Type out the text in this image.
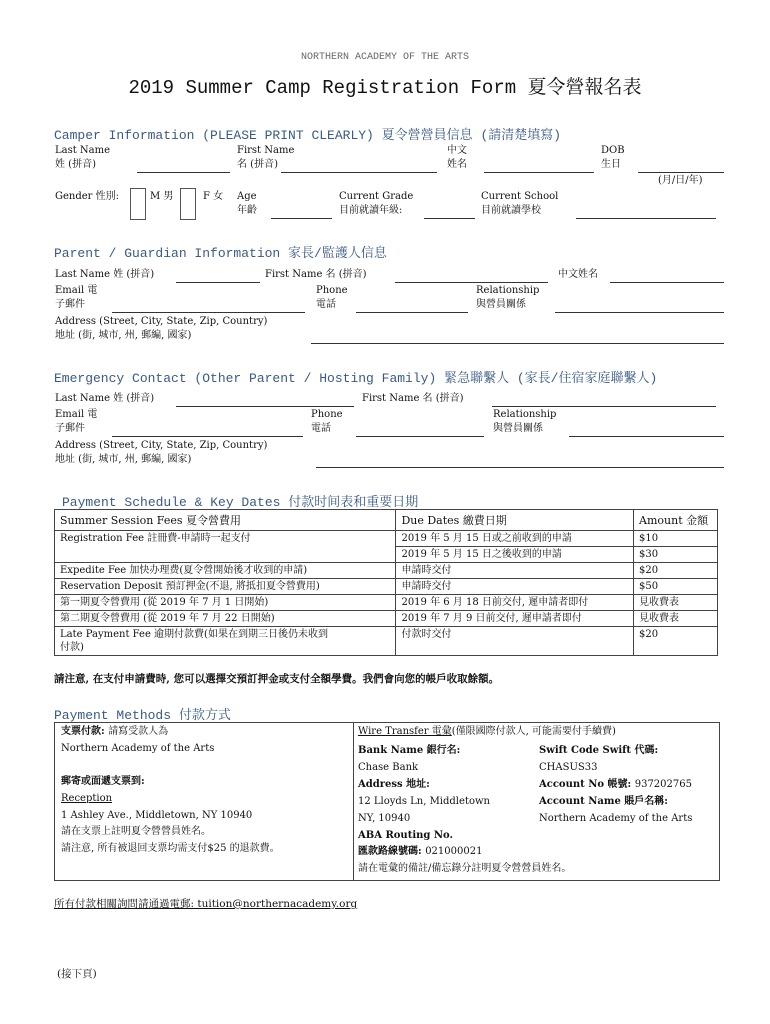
NORTHERN ACADEMY OF THE ARTS
2019 Summer Camp Registration Form 夏令營報名表
Camper Information (PLEASE PRINT CLEARLY) 夏令營營員信息 (請清楚填寫)
Last Name
姓 (拼音)
First Name
名 (拼音)
中文
姓名
DOB
生日
(月/日/年)
Gender 性別:	M 男	F 女 Age
年齡
Current Grade
目前就讀年級:
Current School
目前就讀學校
Parent / Guardian Information 家長/監護人信息
Last Name 姓 (拼音)	First Name 名 (拼音)	中文姓名
Email 電
子郵件
Phone
電話
Relationship
與營員關係
Address (Street, City, State, Zip, Country)
地址 (街, 城市, 州, 郵編, 國家)
Emergency Contact (Other Parent / Hosting Family) 緊急聯繫人 (家長/住宿家庭聯繫人)
Last Name 姓 (拼音)	First Name 名 (拼音)
Email 電
子郵件
Phone
電話
Relationship
與營員關係
Address (Street, City, State, Zip, Country)
地址 (街, 城市, 州, 郵編, 國家)
Payment Schedule & Key Dates 付款时间表和重要日期
Summer Session Fees 夏令營費用	Due Dates 繳費日期	Amount 金額
Registration Fee 註冊費-申請時一起支付	2019 年 5 月 15 日或之前收到的申請	$10
	2019 年 5 月 15 日之後收到的申請	$30
Expedite Fee 加快办理费(夏令營開始後才收到的申請)	申請時交付	$20
Reservation Deposit 預訂押金(不退, 將抵扣夏令營費用)	申請時交付	$50
第一期夏令營費用 (從 2019 年 7 月 1 日開始)	2019 年 6 月 18 日前交付, 遲申請者即付	見收費表
第二期夏令營費用 (從 2019 年 7 月 22 日開始)	2019 年 7 月 9 日前交付, 遲申請者即付	見收費表

Late Payment Fee 逾期付款費(如果在到期三日後仍未收到
付款)	付款时交付	$20
請注意, 在支付申請費時, 您可以選擇交預訂押金或支付全額學費。我們會向您的帳戶收取餘額。
Payment Methods 付款方式
支票付款: 請寫受款人為
Northern Academy of the Arts
郵寄或面遞支票到:
Reception
1 Ashley Ave., Middletown, NY 10940
請在支票上註明夏令營營員姓名。
請注意, 所有被退回支票均需支付$25 的退款費。
Wire Transfer 電彙(僅限國際付款人, 可能需要付手續費)
Bank Name 銀行名:
Chase Bank
Address 地址:
12 Lloyds Ln, Middletown
NY, 10940
ABA Routing No.
匯款路線號碼: 021000021
請在電彙的備註/備忘錄分註明夏令營營員姓名。
Swift Code Swift 代碼:
CHASUS33
Account No 帳號: 937202765
Account Name 賬戶名稱:
Northern Academy of the Arts
所有付款相關詢問請通過電郵: tuition@northernacademy.org
(接下頁)
